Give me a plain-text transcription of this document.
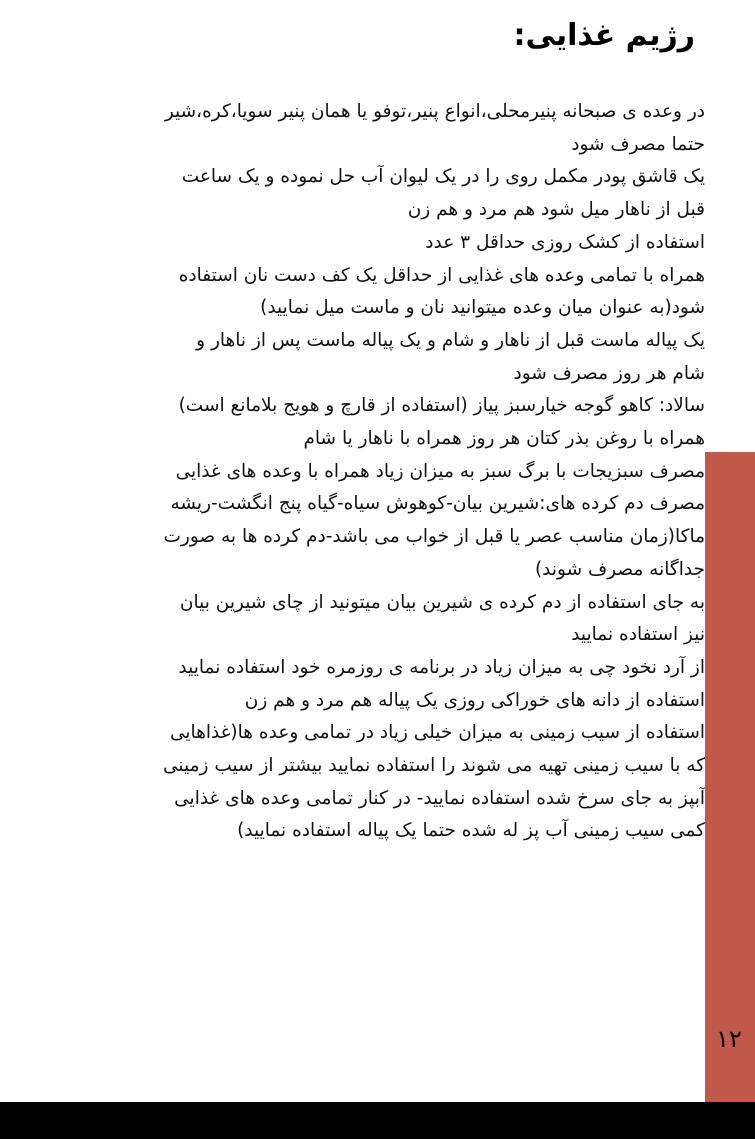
رژیم غذایی:
در وعده ی صبحانه پنیرمحلی،انواع پنیر،توفو یا همان پنیر سویا،کره،شیر
حتما مصرف شود
یک قاشق پودر مکمل روی را در یک لیوان آب حل نموده و یک ساعت
قبل از ناهار میل شود هم مرد و هم زن
استفاده از کشک روزی حداقل ۳ عدد
همراه با تمامی وعده های غذایی از حداقل یک کف دست نان استفاده
شود(به عنوان میان وعده میتوانید نان و ماست میل نمایید)
یک پیاله ماست قبل از ناهار و شام و یک پیاله ماست پس از ناهار و
شام هر روز مصرف شود
سالاد: کاهو گوجه خیارسبز پیاز (استفاده از قارچ و هویج بلامانع است)
همراه با روغن بذر کتان هر روز همراه با ناهار یا شام
مصرف سبزیجات با برگ سبز به میزان زیاد همراه با وعده های غذایی
مصرف دم کرده های:شیرین بیان-کوهوش سیاه-گیاه پنج انگشت-ریشه
ماکا(زمان مناسب عصر یا قبل از خواب می باشد-دم کرده ها به صورت
جداگانه مصرف شوند)
به جای استفاده از دم کرده ی شیرین بیان میتونید از چای شیرین بیان
نیز استفاده نمایید
از آرد نخود چی به میزان زیاد در برنامه ی روزمره خود استفاده نمایید
استفاده از دانه های خوراکی روزی یک پیاله هم مرد و هم زن
استفاده از سیب زمینی به میزان خیلی زیاد در تمامی وعده ها(غذاهایی
که با سیب زمینی تهیه می شوند را استفاده نمایید بیشتر از سیب زمینی
آبپز به جای سرخ شده استفاده نمایید- در کنار تمامی وعده های غذایی
کمی سیب زمینی آب پز له شده حتما یک پیاله استفاده نمایید)
۱۲
